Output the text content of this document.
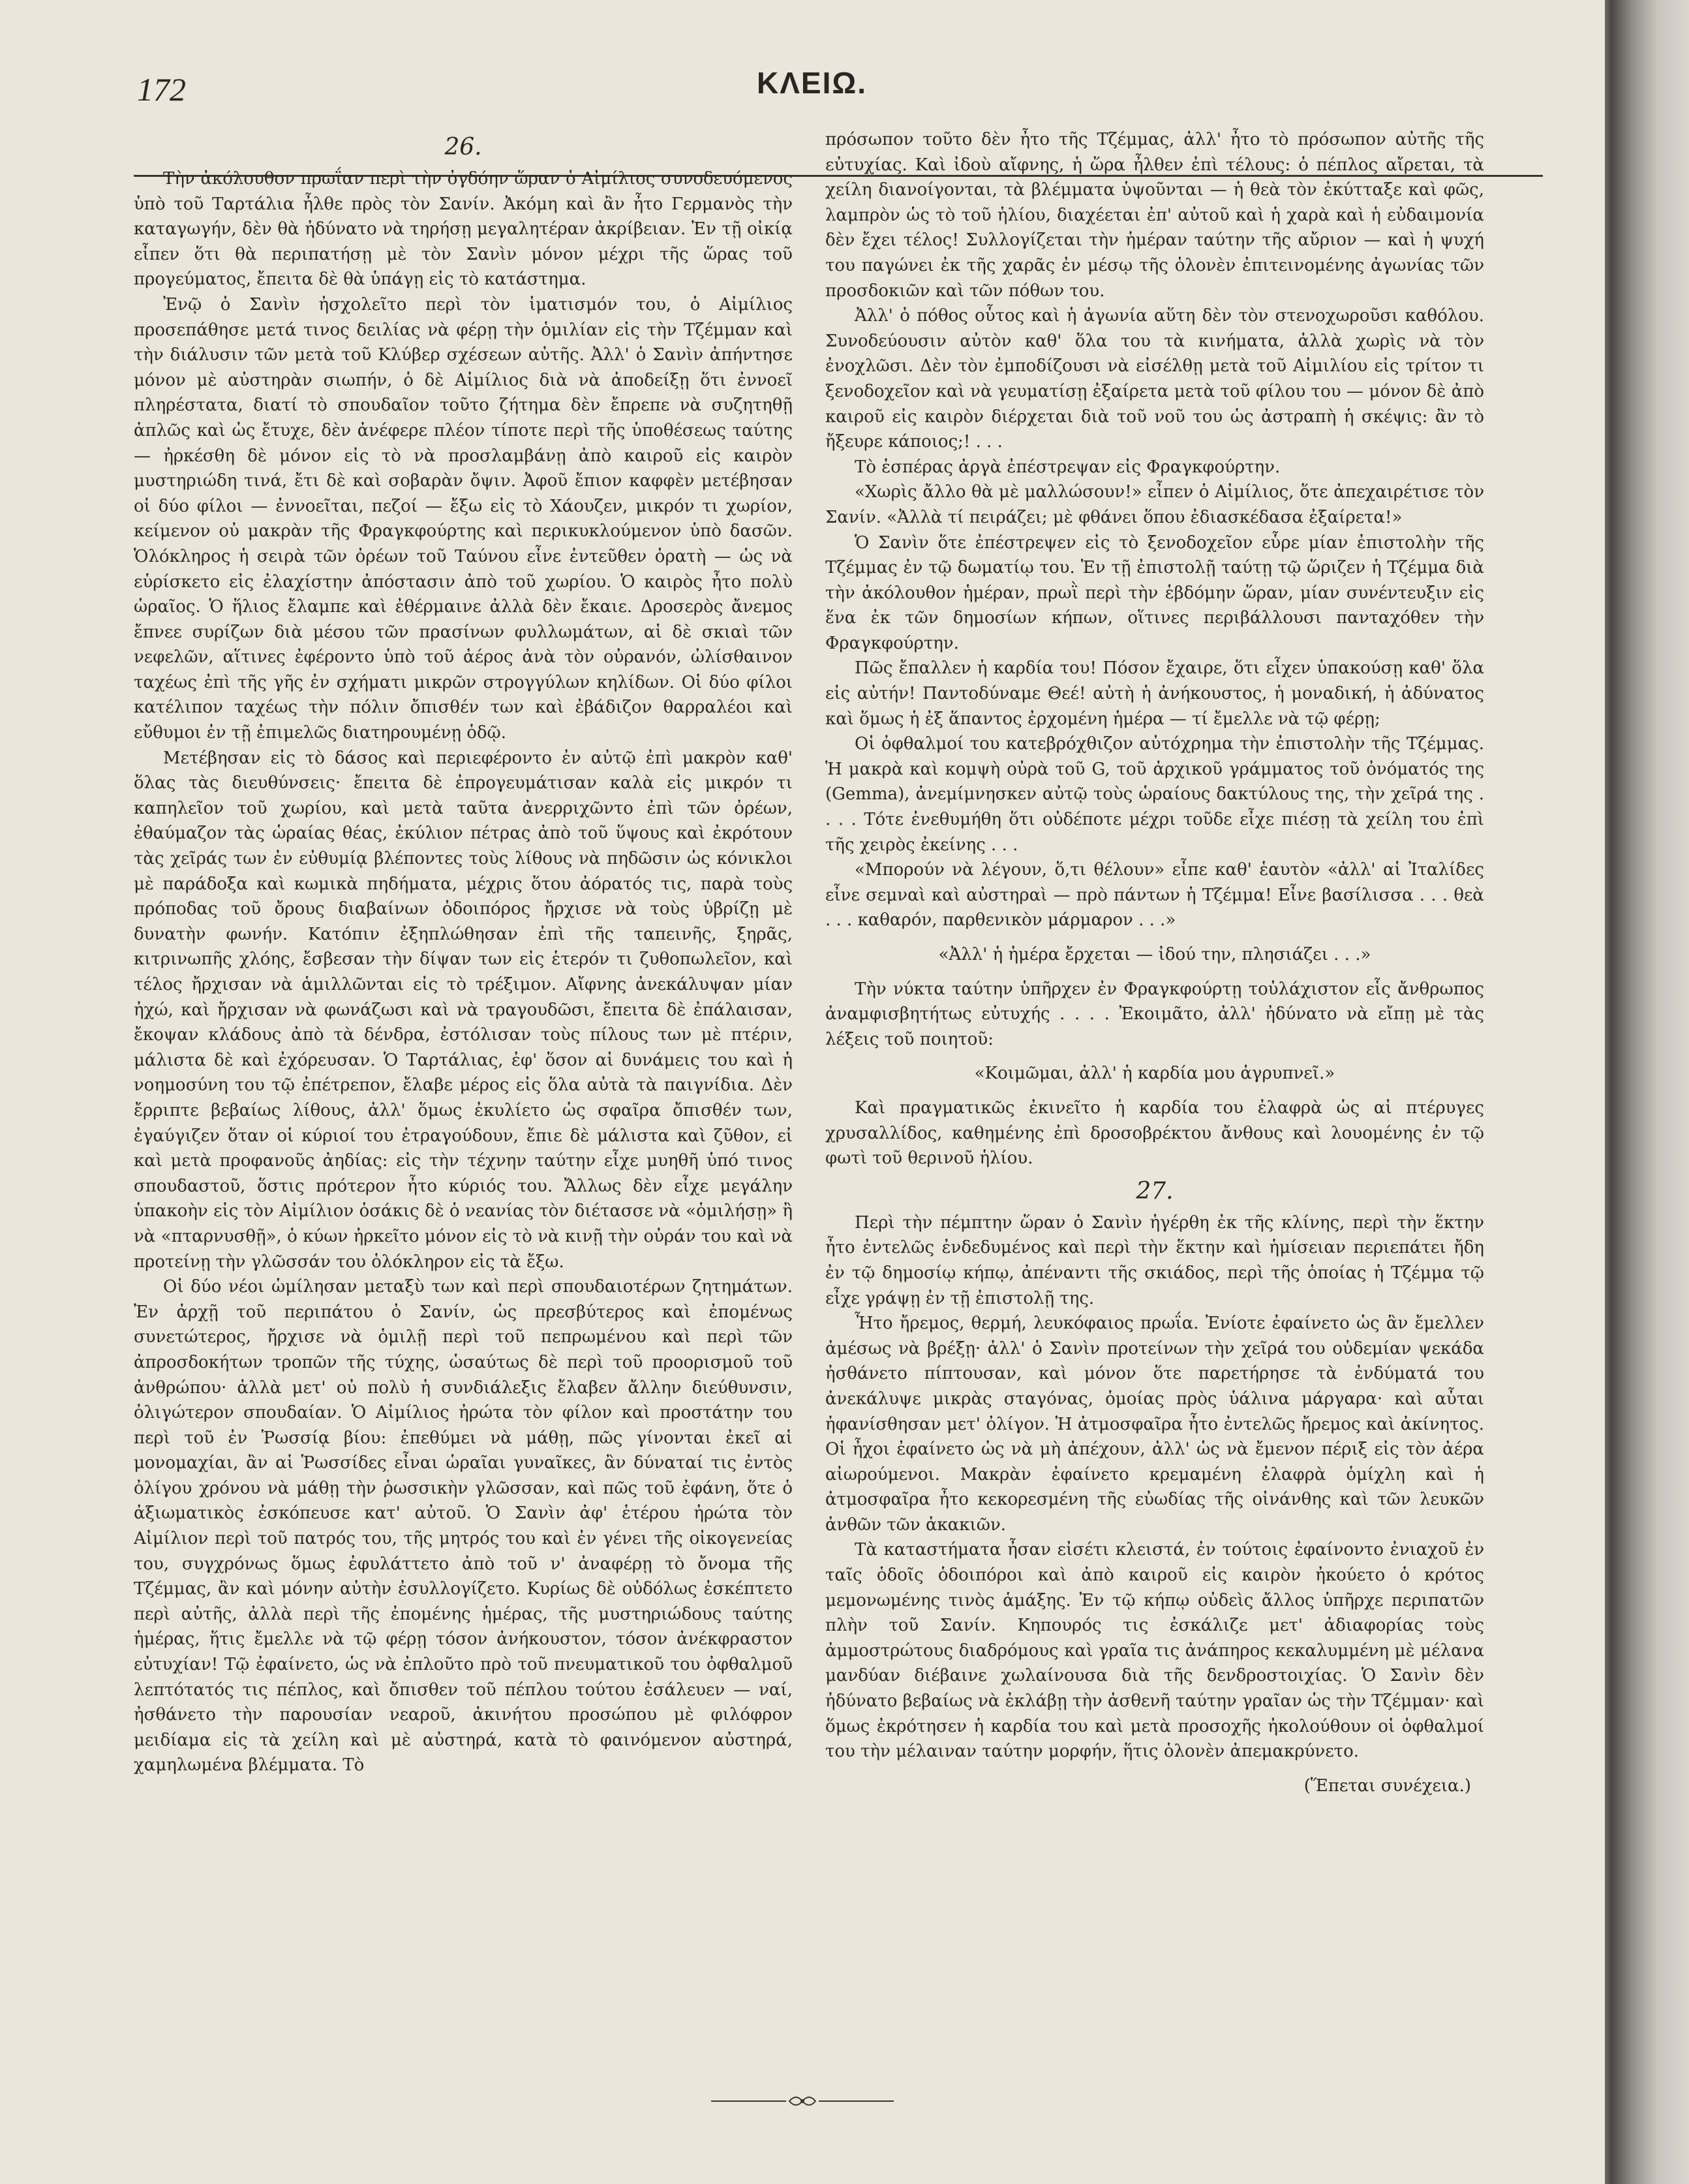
172	ΚΛΕΙΩ.
26.

Τὴν ἀκόλουθον πρωΐαν περὶ τὴν ὀγδόην ὥραν ὁ Αἰμίλιος συνοδευόμενος ὑπὸ τοῦ Ταρτάλια ἦλθε πρὸς τὸν Σανίν. Ἀκόμη καὶ ἂν ἦτο Γερμανὸς τὴν καταγωγήν, δὲν θὰ ἠδύνατο νὰ τηρήσῃ μεγαλητέραν ἀκρίβειαν. Ἐν τῇ οἰκίᾳ εἶπεν ὅτι θὰ περιπατήσῃ μὲ τὸν Σανὶν μόνον μέχρι τῆς ὥρας τοῦ προγεύματος, ἔπειτα δὲ θὰ ὑπάγῃ εἰς τὸ κατάστημα.

Ἐνῷ ὁ Σανὶν ἠσχολεῖτο περὶ τὸν ἱματισμόν του, ὁ Αἰμίλιος προσεπάθησε μετά τινος δειλίας νὰ φέρῃ τὴν ὁμιλίαν εἰς τὴν Τζέμμαν καὶ τὴν διάλυσιν τῶν μετὰ τοῦ Κλύβερ σχέσεων αὐτῆς. Ἀλλ' ὁ Σανὶν ἀπήντησε μόνον μὲ αὐστηρὰν σιωπήν, ὁ δὲ Αἰμίλιος διὰ νὰ ἀποδείξῃ ὅτι ἐννοεῖ πληρέστατα, διατί τὸ σπουδαῖον τοῦτο ζήτημα δὲν ἔπρεπε νὰ συζητηθῇ ἁπλῶς καὶ ὡς ἔτυχε, δὲν ἀνέφερε πλέον τίποτε περὶ τῆς ὑποθέσεως ταύτης — ἠρκέσθη δὲ μόνον εἰς τὸ νὰ προσλαμβάνῃ ἀπὸ καιροῦ εἰς καιρὸν μυστηριώδη τινά, ἔτι δὲ καὶ σοβαρὰν ὄψιν. Ἀφοῦ ἔπιον καφφὲν μετέβησαν οἱ δύο φίλοι — ἐννοεῖται, πεζοί — ἔξω εἰς τὸ Χάουζεν, μικρόν τι χωρίον, κείμενον οὐ μακρὰν τῆς Φραγκφούρτης καὶ περικυκλούμενον ὑπὸ δασῶν. Ὁλόκληρος ἡ σειρὰ τῶν ὀρέων τοῦ Ταύνου εἶνε ἐντεῦθεν ὁρατὴ — ὡς νὰ εὑρίσκετο εἰς ἐλαχίστην ἀπόστασιν ἀπὸ τοῦ χωρίου. Ὁ καιρὸς ἦτο πολὺ ὡραῖος. Ὁ ἥλιος ἔλαμπε καὶ ἐθέρμαινε ἀλλὰ δὲν ἔκαιε. Δροσερὸς ἄνεμος ἔπνεε συρίζων διὰ μέσου τῶν πρασίνων φυλλωμάτων, αἱ δὲ σκιαὶ τῶν νεφελῶν, αἵτινες ἐφέροντο ὑπὸ τοῦ ἀέρος ἀνὰ τὸν οὐρανόν, ὠλίσθαινον ταχέως ἐπὶ τῆς γῆς ἐν σχήματι μικρῶν στρογγύλων κηλίδων. Οἱ δύο φίλοι κατέλιπον ταχέως τὴν πόλιν ὄπισθέν των καὶ ἐβάδιζον θαρραλέοι καὶ εὔθυμοι ἐν τῇ ἐπιμελῶς διατηρουμένῃ ὁδῷ.

Μετέβησαν εἰς τὸ δάσος καὶ περιεφέροντο ἐν αὐτῷ ἐπὶ μακρὸν καθ' ὅλας τὰς διευθύνσεις· ἔπειτα δὲ ἐπρογευμάτισαν καλὰ εἰς μικρόν τι καπηλεῖον τοῦ χωρίου, καὶ μετὰ ταῦτα ἀνερριχῶντο ἐπὶ τῶν ὀρέων, ἐθαύμαζον τὰς ὡραίας θέας, ἐκύλιον πέτρας ἀπὸ τοῦ ὕψους καὶ ἐκρότουν τὰς χεῖράς των ἐν εὐθυμίᾳ βλέποντες τοὺς λίθους νὰ πηδῶσιν ὡς κόνικλοι μὲ παράδοξα καὶ κωμικὰ πηδήματα, μέχρις ὅτου ἀόρατός τις, παρὰ τοὺς πρόποδας τοῦ ὄρους διαβαίνων ὁδοιπόρος ἤρχισε νὰ τοὺς ὑβρίζῃ μὲ δυνατὴν φωνήν. Κατόπιν ἐξηπλώθησαν ἐπὶ τῆς ταπεινῆς, ξηρᾶς, κιτρινωπῆς χλόης, ἔσβεσαν τὴν δίψαν των εἰς ἑτερόν τι ζυθοπωλεῖον, καὶ τέλος ἤρχισαν νὰ ἁμιλλῶνται εἰς τὸ τρέξιμον. Αἴφνης ἀνεκάλυψαν μίαν ἠχώ, καὶ ἤρχισαν νὰ φωνάζωσι καὶ νὰ τραγουδῶσι, ἔπειτα δὲ ἐπάλαισαν, ἔκοψαν κλάδους ἀπὸ τὰ δένδρα, ἐστόλισαν τοὺς πίλους των μὲ πτέριν, μάλιστα δὲ καὶ ἐχόρευσαν. Ὁ Ταρτάλιας, ἐφ' ὅσον αἱ δυνάμεις του καὶ ἡ νοημοσύνη του τῷ ἐπέτρεπον, ἔλαβε μέρος εἰς ὅλα αὐτὰ τὰ παιγνίδια. Δὲν ἔρριπτε βεβαίως λίθους, ἀλλ' ὅμως ἐκυλίετο ὡς σφαῖρα ὄπισθέν των, ἐγαύγιζεν ὅταν οἱ κύριοί του ἐτραγούδουν, ἔπιε δὲ μάλιστα καὶ ζῦθον, εἰ καὶ μετὰ προφανοῦς ἀηδίας: εἰς τὴν τέχνην ταύτην εἶχε μυηθῆ ὑπό τινος σπουδαστοῦ, ὅστις πρότερον ἦτο κύριός του. Ἄλλως δὲν εἶχε μεγάλην ὑπακοὴν εἰς τὸν Αἰμίλιον ὁσάκις δὲ ὁ νεανίας τὸν διέτασσε νὰ «ὁμιλήσῃ» ἢ νὰ «πταρνυσθῇ», ὁ κύων ἠρκεῖτο μόνον εἰς τὸ νὰ κινῇ τὴν οὐράν του καὶ νὰ προτείνῃ τὴν γλῶσσάν του ὁλόκληρον εἰς τὰ ἔξω.

Οἱ δύο νέοι ὡμίλησαν μεταξὺ των καὶ περὶ σπουδαιοτέρων ζητημάτων. Ἐν ἀρχῇ τοῦ περιπάτου ὁ Σανίν, ὡς πρεσβύτερος καὶ ἐπομένως συνετώτερος, ἤρχισε νὰ ὁμιλῇ περὶ τοῦ πεπρωμένου καὶ περὶ τῶν ἀπροσδοκήτων τροπῶν τῆς τύχης, ὡσαύτως δὲ περὶ τοῦ προορισμοῦ τοῦ ἀνθρώπου· ἀλλὰ μετ' οὐ πολὺ ἡ συνδιάλεξις ἔλαβεν ἄλλην διεύθυνσιν, ὀλιγώτερον σπουδαίαν. Ὁ Αἰμίλιος ἠρώτα τὸν φίλον καὶ προστάτην του περὶ τοῦ ἐν Ῥωσσίᾳ βίου: ἐπεθύμει νὰ μάθῃ, πῶς γίνονται ἐκεῖ αἱ μονομαχίαι, ἂν αἱ Ῥωσσίδες εἶναι ὡραῖαι γυναῖκες, ἂν δύναταί τις ἐντὸς ὀλίγου χρόνου νὰ μάθῃ τὴν ῥωσσικὴν γλῶσσαν, καὶ πῶς τοῦ ἐφάνη, ὅτε ὁ ἀξιωματικὸς ἐσκόπευσε κατ' αὐτοῦ. Ὁ Σανὶν ἀφ' ἑτέρου ἠρώτα τὸν Αἰμίλιον περὶ τοῦ πατρός του, τῆς μητρός του καὶ ἐν γένει τῆς οἰκογενείας του, συγχρόνως ὅμως ἐφυλάττετο ἀπὸ τοῦ ν' ἀναφέρῃ τὸ ὄνομα τῆς Τζέμμας, ἂν καὶ μόνην αὐτὴν ἐσυλλογίζετο. Κυρίως δὲ οὐδόλως ἐσκέπτετο περὶ αὐτῆς, ἀλλὰ περὶ τῆς ἐπομένης ἡμέρας, τῆς μυστηριώδους ταύτης ἡμέρας, ἥτις ἔμελλε νὰ τῷ φέρῃ τόσον ἀνήκουστον, τόσον ἀνέκφραστον εὐτυχίαν! Τῷ ἐφαίνετο, ὡς νὰ ἐπλοῦτο πρὸ τοῦ πνευματικοῦ του ὀφθαλμοῦ λεπτότατός τις πέπλος, καὶ ὄπισθεν τοῦ πέπλου τούτου ἐσάλευεν — ναί, ἠσθάνετο τὴν παρουσίαν νεαροῦ, ἀκινήτου προσώπου μὲ φιλόφρον μειδίαμα εἰς τὰ χείλη καὶ μὲ αὐστηρά, κατὰ τὸ φαινόμενον αὐστηρά, χαμηλωμένα βλέμματα. Τὸ

πρόσωπον τοῦτο δὲν ἦτο τῆς Τζέμμας, ἀλλ' ἦτο τὸ πρόσωπον αὐτῆς τῆς εὐτυχίας. Καὶ ἰδοὺ αἴφνης, ἡ ὥρα ἦλθεν ἐπὶ τέλους: ὁ πέπλος αἴρεται, τὰ χείλη διανοίγονται, τὰ βλέμματα ὑψοῦνται — ἡ θεὰ τὸν ἐκύτταξε καὶ φῶς, λαμπρὸν ὡς τὸ τοῦ ἡλίου, διαχέεται ἐπ' αὐτοῦ καὶ ἡ χαρὰ καὶ ἡ εὐδαιμονία δὲν ἔχει τέλος! Συλλογίζεται τὴν ἡμέραν ταύτην τῆς αὔριον — καὶ ἡ ψυχή του παγώνει ἐκ τῆς χαρᾶς ἐν μέσῳ τῆς ὁλονὲν ἐπιτεινομένης ἀγωνίας τῶν προσδοκιῶν καὶ τῶν πόθων του.

Ἀλλ' ὁ πόθος οὗτος καὶ ἡ ἀγωνία αὕτη δὲν τὸν στενοχωροῦσι καθόλου. Συνοδεύουσιν αὐτὸν καθ' ὅλα του τὰ κινήματα, ἀλλὰ χωρὶς νὰ τὸν ἐνοχλῶσι. Δὲν τὸν ἐμποδίζουσι νὰ εἰσέλθῃ μετὰ τοῦ Αἰμιλίου εἰς τρίτον τι ξενοδοχεῖον καὶ νὰ γευματίσῃ ἐξαίρετα μετὰ τοῦ φίλου του — μόνον δὲ ἀπὸ καιροῦ εἰς καιρὸν διέρχεται διὰ τοῦ νοῦ του ὡς ἀστραπὴ ἡ σκέψις: ἂν τὸ ἤξευρε κάποιος;! . . .

Τὸ ἑσπέρας ἀργὰ ἐπέστρεψαν εἰς Φραγκφούρτην.

«Χωρὶς ἄλλο θὰ μὲ μαλλώσουν!» εἶπεν ὁ Αἰμίλιος, ὅτε ἀπεχαιρέτισε τὸν Σανίν. «Ἀλλὰ τί πειράζει; μὲ φθάνει ὅπου ἐδιασκέδασα ἐξαίρετα!»

Ὁ Σανὶν ὅτε ἐπέστρεψεν εἰς τὸ ξενοδοχεῖον εὗρε μίαν ἐπιστολὴν τῆς Τζέμμας ἐν τῷ δωματίῳ του. Ἐν τῇ ἐπιστολῇ ταύτῃ τῷ ὥριζεν ἡ Τζέμμα διὰ τὴν ἀκόλουθον ἡμέραν, πρωῒ περὶ τὴν ἑβδόμην ὥραν, μίαν συνέντευξιν εἰς ἕνα ἐκ τῶν δημοσίων κήπων, οἵτινες περιβάλλουσι πανταχόθεν τὴν Φραγκφούρτην.

Πῶς ἔπαλλεν ἡ καρδία του! Πόσον ἔχαιρε, ὅτι εἶχεν ὑπακούσῃ καθ' ὅλα εἰς αὐτήν! Παντοδύναμε Θεέ! αὐτὴ ἡ ἀνήκουστος, ἡ μοναδική, ἡ ἀδύνατος καὶ ὅμως ἡ ἐξ ἅπαντος ἐρχομένη ἡμέρα — τί ἔμελλε νὰ τῷ φέρῃ;

Οἱ ὀφθαλμοί του κατεβρόχθιζον αὐτόχρημα τὴν ἐπιστολὴν τῆς Τζέμμας. Ἡ μακρὰ καὶ κομψὴ οὐρὰ τοῦ G, τοῦ ἀρχικοῦ γράμματος τοῦ ὀνόματός της (Gemma), ἀνεμίμνησκεν αὐτῷ τοὺς ὡραίους δακτύλους της, τὴν χεῖρά της . . . . Τότε ἐνεθυμήθη ὅτι οὐδέποτε μέχρι τοῦδε εἶχε πιέσῃ τὰ χείλη του ἐπὶ τῆς χειρὸς ἐκείνης . . .

«Μπορούν νὰ λέγουν, ὅ,τι θέλουν» εἶπε καθ' ἑαυτὸν «ἀλλ' αἱ Ἰταλίδες εἶνε σεμναὶ καὶ αὐστηραὶ — πρὸ πάντων ἡ Τζέμμα! Εἶνε βασίλισσα . . . θεὰ . . . καθαρόν, παρθενικὸν μάρμαρον . . .»

«Ἀλλ' ἡ ἡμέρα ἔρχεται — ἰδού την, πλησιάζει . . .»

Τὴν νύκτα ταύτην ὑπῆρχεν ἐν Φραγκφούρτῃ τοὐλάχιστον εἷς ἄνθρωπος ἀναμφισβητήτως εὐτυχής . . . . Ἐκοιμᾶτο, ἀλλ' ἠδύνατο νὰ εἴπῃ μὲ τὰς λέξεις τοῦ ποιητοῦ:

«Κοιμῶμαι, ἀλλ' ἡ καρδία μου ἀγρυπνεῖ.»

Καὶ πραγματικῶς ἐκινεῖτο ἡ καρδία του ἐλαφρὰ ὡς αἱ πτέρυγες χρυσαλλίδος, καθημένης ἐπὶ δροσοβρέκτου ἄνθους καὶ λουομένης ἐν τῷ φωτὶ τοῦ θερινοῦ ἡλίου.

27.

Περὶ τὴν πέμπτην ὥραν ὁ Σανὶν ἠγέρθη ἐκ τῆς κλίνης, περὶ τὴν ἕκτην ἦτο ἐντελῶς ἐνδεδυμένος καὶ περὶ τὴν ἕκτην καὶ ἡμίσειαν περιεπάτει ἤδη ἐν τῷ δημοσίῳ κήπῳ, ἀπέναντι τῆς σκιάδος, περὶ τῆς ὁποίας ἡ Τζέμμα τῷ εἶχε γράψῃ ἐν τῇ ἐπιστολῇ της.

Ἦτο ἤρεμος, θερμή, λευκόφαιος πρωΐα. Ἐνίοτε ἐφαίνετο ὡς ἂν ἔμελλεν ἀμέσως νὰ βρέξῃ· ἀλλ' ὁ Σανὶν προτείνων τὴν χεῖρά του οὐδεμίαν ψεκάδα ἠσθάνετο πίπτουσαν, καὶ μόνον ὅτε παρετήρησε τὰ ἐνδύματά του ἀνεκάλυψε μικρὰς σταγόνας, ὁμοίας πρὸς ὑάλινα μάργαρα· καὶ αὗται ἠφανίσθησαν μετ' ὀλίγον. Ἡ ἀτμοσφαῖρα ἦτο ἐντελῶς ἤρεμος καὶ ἀκίνητος. Οἱ ἦχοι ἐφαίνετο ὡς νὰ μὴ ἀπέχουν, ἀλλ' ὡς νὰ ἔμενον πέριξ εἰς τὸν ἀέρα αἰωρούμενοι. Μακρὰν ἐφαίνετο κρεμαμένη ἐλαφρὰ ὁμίχλη καὶ ἡ ἀτμοσφαῖρα ἦτο κεκορεσμένη τῆς εὐωδίας τῆς οἰνάνθης καὶ τῶν λευκῶν ἀνθῶν τῶν ἀκακιῶν.

Τὰ καταστήματα ἦσαν εἰσέτι κλειστά, ἐν τούτοις ἐφαίνοντο ἐνιαχοῦ ἐν ταῖς ὁδοῖς ὁδοιπόροι καὶ ἀπὸ καιροῦ εἰς καιρὸν ἠκούετο ὁ κρότος μεμονωμένης τινὸς ἁμάξης. Ἐν τῷ κήπῳ οὐδεὶς ἄλλος ὑπῆρχε περιπατῶν πλὴν τοῦ Σανίν. Κηπουρός τις ἐσκάλιζε μετ' ἀδιαφορίας τοὺς ἀμμοστρώτους διαδρόμους καὶ γραῖα τις ἀνάπηρος κεκαλυμμένη μὲ μέλανα μανδύαν διέβαινε χωλαίνουσα διὰ τῆς δενδροστοιχίας. Ὁ Σανὶν δὲν ἠδύνατο βεβαίως νὰ ἐκλάβῃ τὴν ἀσθενῆ ταύτην γραῖαν ὡς τὴν Τζέμμαν· καὶ ὅμως ἐκρότησεν ἡ καρδία του καὶ μετὰ προσοχῆς ἠκολούθουν οἱ ὀφθαλμοί του τὴν μέλαιναν ταύτην μορφήν, ἥτις ὁλονὲν ἀπεμακρύνετο.

(Ἕπεται συνέχεια.)
